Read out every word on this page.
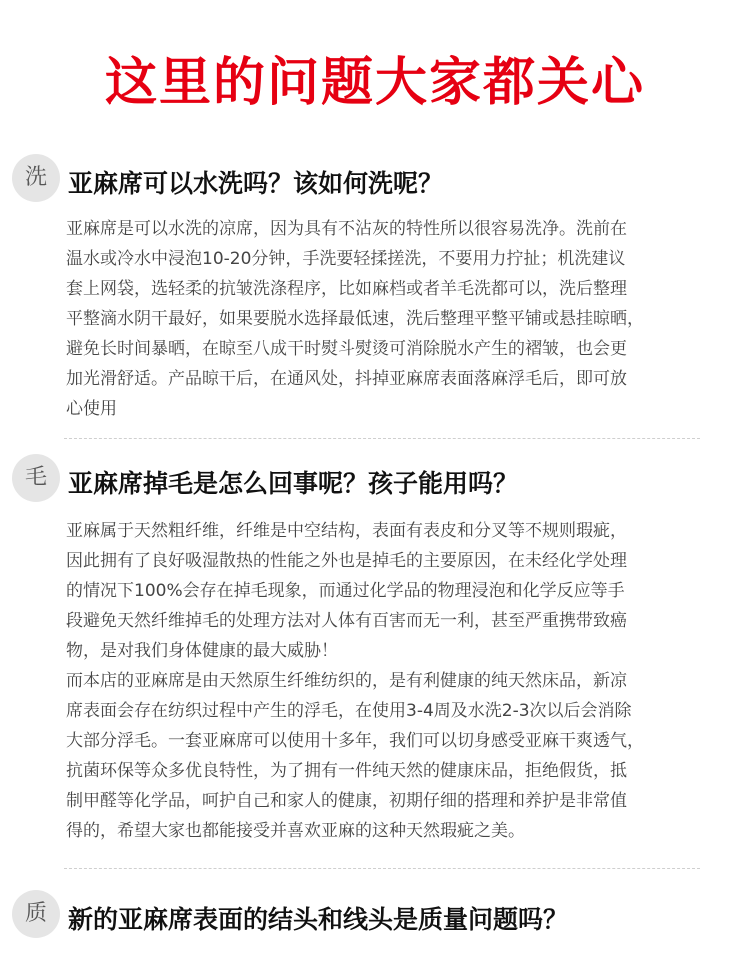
这里的问题大家都关心
洗 亚麻席可以水洗吗？该如何洗呢？

亚麻席是可以水洗的凉席，因为具有不沾灰的特性所以很容易洗净。洗前在

温水或冷水中浸泡10-20分钟，手洗要轻揉搓洗，不要用力拧扯；机洗建议

套上网袋，选轻柔的抗皱洗涤程序，比如麻档或者羊毛洗都可以，洗后整理

平整滴水阴干最好，如果要脱水选择最低速，洗后整理平整平铺或悬挂晾晒，

避免长时间暴晒，在晾至八成干时熨斗熨烫可消除脱水产生的褶皱，也会更

加光滑舒适。产品晾干后，在通风处，抖掉亚麻席表面落麻浮毛后，即可放

心使用

毛 亚麻席掉毛是怎么回事呢？孩子能用吗？

亚麻属于天然粗纤维，纤维是中空结构，表面有表皮和分叉等不规则瑕疵，

因此拥有了良好吸湿散热的性能之外也是掉毛的主要原因，在未经化学处理

的情况下100%会存在掉毛现象，而通过化学品的物理浸泡和化学反应等手

段避免天然纤维掉毛的处理方法对人体有百害而无一利，甚至严重携带致癌

物，是对我们身体健康的最大威胁！

而本店的亚麻席是由天然原生纤维纺织的，是有利健康的纯天然床品，新凉

席表面会存在纺织过程中产生的浮毛，在使用3-4周及水洗2-3次以后会消除

大部分浮毛。一套亚麻席可以使用十多年，我们可以切身感受亚麻干爽透气，

抗菌环保等众多优良特性，为了拥有一件纯天然的健康床品，拒绝假货，抵

制甲醛等化学品，呵护自己和家人的健康，初期仔细的搭理和养护是非常值

得的，希望大家也都能接受并喜欢亚麻的这种天然瑕疵之美。

质 新的亚麻席表面的结头和线头是质量问题吗？
